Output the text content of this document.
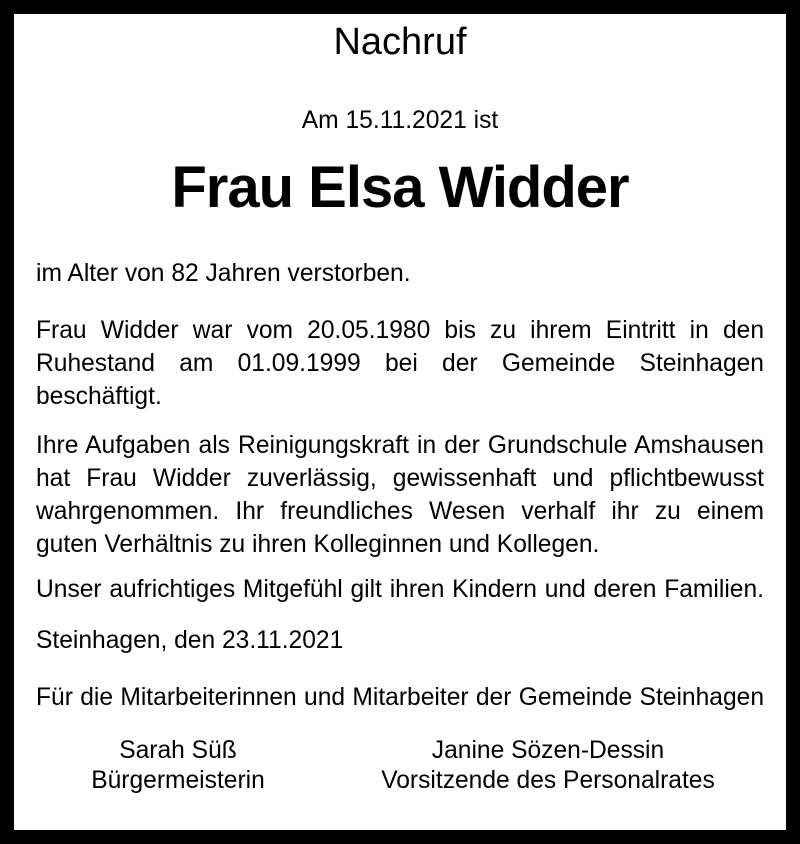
Nachruf
Am 15.11.2021 ist
Frau Elsa Widder
im Alter von 82 Jahren verstorben.
Frau Widder war vom 20.05.1980 bis zu ihrem Eintritt in den
Ruhestand am 01.09.1999 bei der Gemeinde Steinhagen
beschäftigt.
Ihre Aufgaben als Reinigungskraft in der Grundschule Amshausen
hat Frau Widder zuverlässig, gewissenhaft und pflichtbewusst
wahrgenommen. Ihr freundliches Wesen verhalf ihr zu einem
guten Verhältnis zu ihren Kolleginnen und Kollegen.
Unser aufrichtiges Mitgefühl gilt ihren Kindern und deren Familien.
Steinhagen, den 23.11.2021
Für die Mitarbeiterinnen und Mitarbeiter der Gemeinde Steinhagen
Sarah Süß
Bürgermeisterin
Janine Sözen-Dessin
Vorsitzende des Personalrates
